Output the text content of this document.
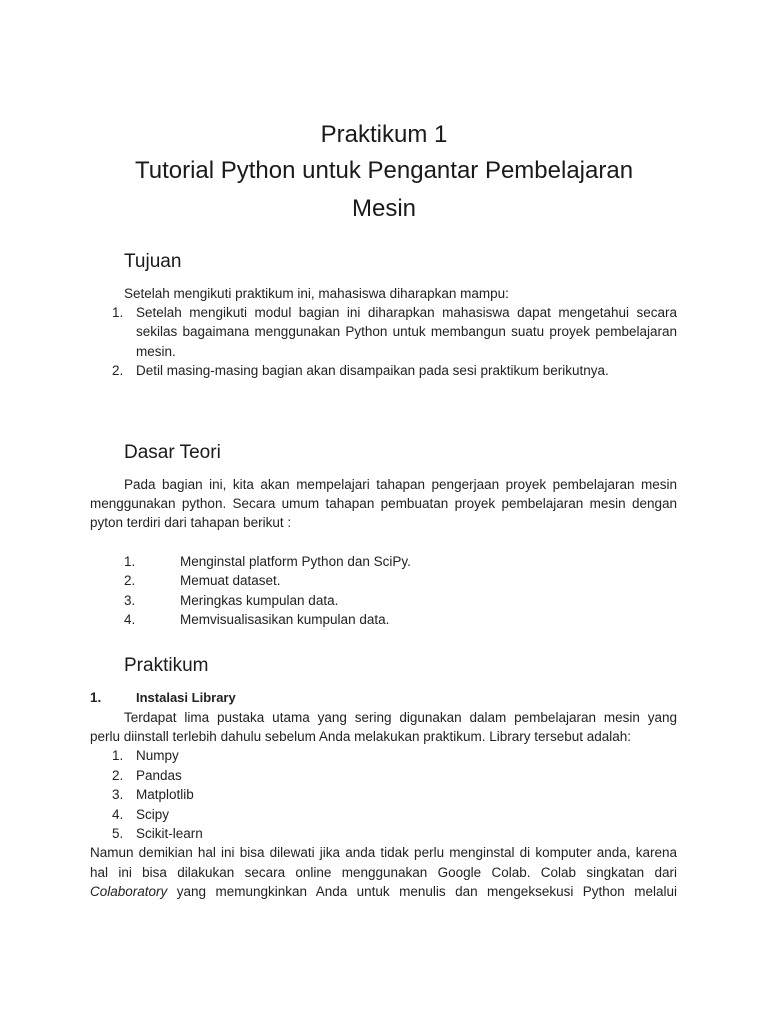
Praktikum 1
Tutorial Python untuk Pengantar Pembelajaran
Mesin
Tujuan
Setelah mengikuti praktikum ini, mahasiswa diharapkan mampu:
1. Setelah mengikuti modul bagian ini diharapkan mahasiswa dapat mengetahui secara
sekilas bagaimana menggunakan Python untuk membangun suatu proyek pembelajaran
mesin.
2. Detil masing-masing bagian akan disampaikan pada sesi praktikum berikutnya.
Dasar Teori
Pada bagian ini, kita akan mempelajari tahapan pengerjaan proyek pembelajaran mesin
menggunakan python. Secara umum tahapan pembuatan proyek pembelajaran mesin dengan
pyton terdiri dari tahapan berikut :
1.	Menginstal platform Python dan SciPy.
2.	Memuat dataset.
3.	Meringkas kumpulan data.
4.	Memvisualisasikan kumpulan data.
Praktikum
1.	Instalasi Library
Terdapat lima pustaka utama yang sering digunakan dalam pembelajaran mesin yang
perlu diinstall terlebih dahulu sebelum Anda melakukan praktikum. Library tersebut adalah:
1. Numpy
2. Pandas
3. Matplotlib
4. Scipy
5. Scikit-learn
Namun demikian hal ini bisa dilewati jika anda tidak perlu menginstal di komputer anda, karena
hal ini bisa dilakukan secara online menggunakan Google Colab. Colab singkatan dari
Colaboratory yang memungkinkan Anda untuk menulis dan mengeksekusi Python melalui
